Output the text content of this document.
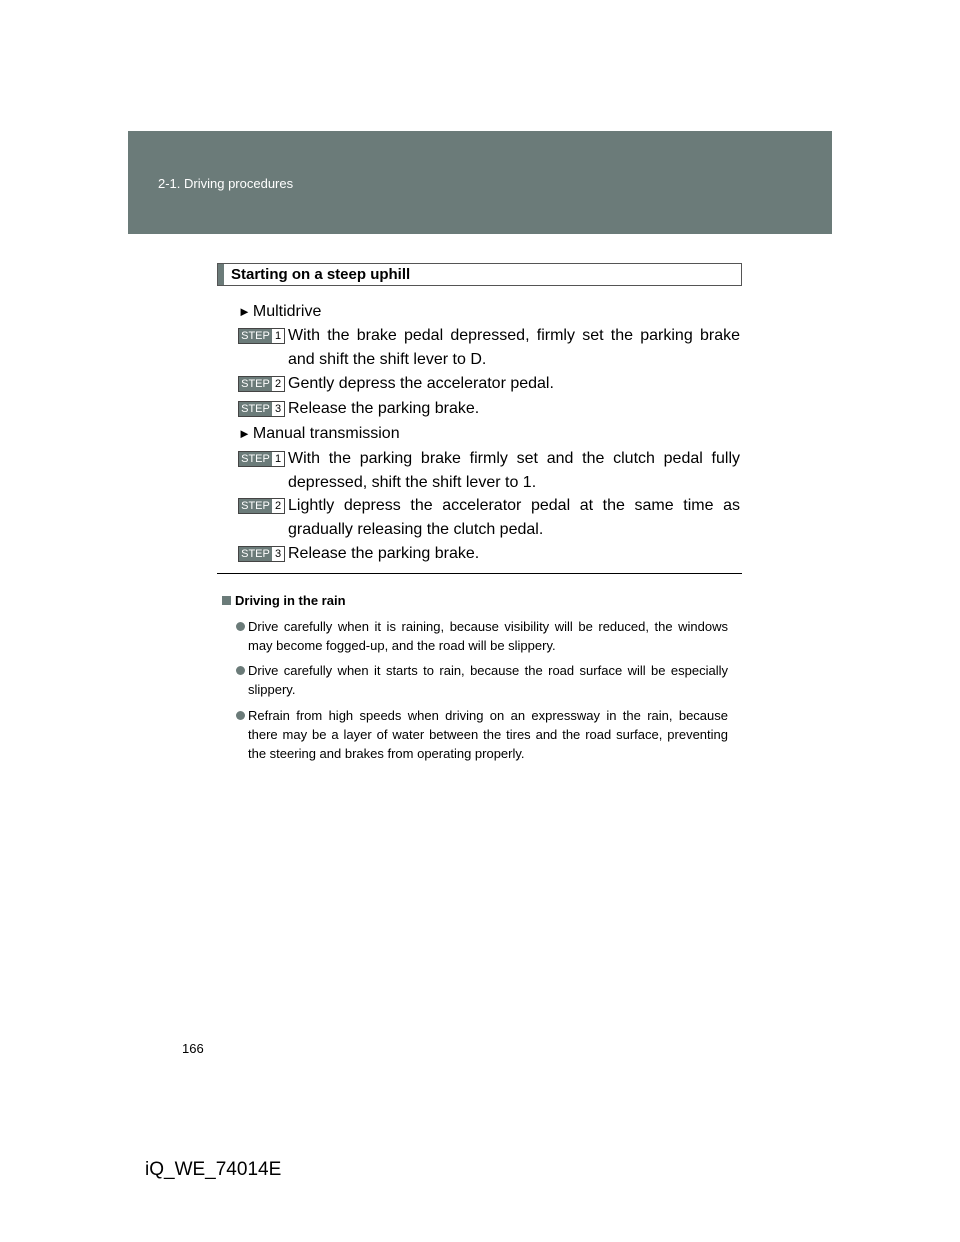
2-1. Driving procedures
Starting on a steep uphill
► Multidrive
STEP 1 With the brake pedal depressed, firmly set the parking brake and shift the shift lever to D.
STEP 2 Gently depress the accelerator pedal.
STEP 3 Release the parking brake.
► Manual transmission
STEP 1 With the parking brake firmly set and the clutch pedal fully depressed, shift the shift lever to 1.
STEP 2 Lightly depress the accelerator pedal at the same time as gradually releasing the clutch pedal.
STEP 3 Release the parking brake.
Driving in the rain
Drive carefully when it is raining, because visibility will be reduced, the windows may become fogged-up, and the road will be slippery.
Drive carefully when it starts to rain, because the road surface will be especially slippery.
Refrain from high speeds when driving on an expressway in the rain, because there may be a layer of water between the tires and the road surface, preventing the steering and brakes from operating properly.
166
iQ_WE_74014E
